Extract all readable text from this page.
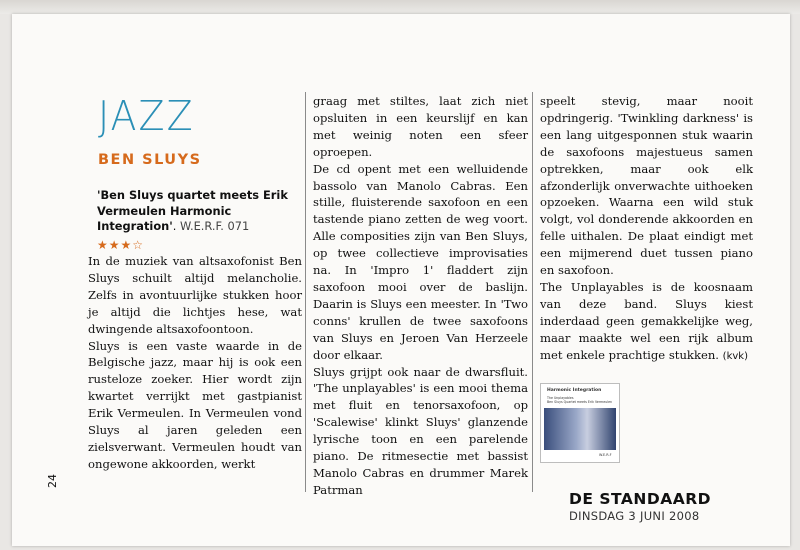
JAZZ
BEN SLUYS
'Ben Sluys quartet meets Erik Vermeulen Harmonic Integration'. W.E.R.F. 071
★★★☆
In de muziek van altsaxofonist Ben Sluys schuilt altijd melancholie. Zelfs in avontuurlijke stukken hoor je altijd die lichtjes hese, wat dwingende altsaxofoontoon.
Sluys is een vaste waarde in de Belgische jazz, maar hij is ook een rusteloze zoeker. Hier wordt zijn kwartet verrijkt met gastpianist Erik Vermeulen. In Vermeulen vond Sluys al jaren geleden een zielsverwant. Vermeulen houdt van ongewone akkoorden, werkt
graag met stiltes, laat zich niet opsluiten in een keurslijf en kan met weinig noten een sfeer oproepen.
De cd opent met een welluidende bassolo van Manolo Cabras. Een stille, fluisterende saxofoon en een tastende piano zetten de weg voort. Alle composities zijn van Ben Sluys, op twee collectieve improvisaties na. In 'Impro 1' fladdert zijn saxofoon mooi over de baslijn. Daarin is Sluys een meester. In 'Two conns' krullen de twee saxofoons van Sluys en Jeroen Van Herzeele door elkaar.
Sluys grijpt ook naar de dwarsfluit. 'The unplayables' is een mooi thema met fluit en tenorsaxofoon, op 'Scalewise' klinkt Sluys' glanzende lyrische toon en een parelende piano. De ritmesectie met bassist Manolo Cabras en drummer Marek Patrman
speelt stevig, maar nooit opdringerig. 'Twinkling darkness' is een lang uitgesponnen stuk waarin de saxofoons majestueus samen optrekken, maar ook elk afzonderlijk onverwachte uithoeken opzoeken. Waarna een wild stuk volgt, vol donderende akkoorden en felle uithalen. De plaat eindigt met een mijmerend duet tussen piano en saxofoon.
The Unplayables is de koosnaam van deze band. Sluys kiest inderdaad geen gemakkelijke weg, maar maakte wel een rijk album met enkele prachtige stukken. (kvk)
Harmonic Integration
The Unplayables
Ben Sluys Quartet meets Erik Vermeulen
W.E.R.F
24
DE STANDAARD
DINSDAG 3 JUNI 2008
